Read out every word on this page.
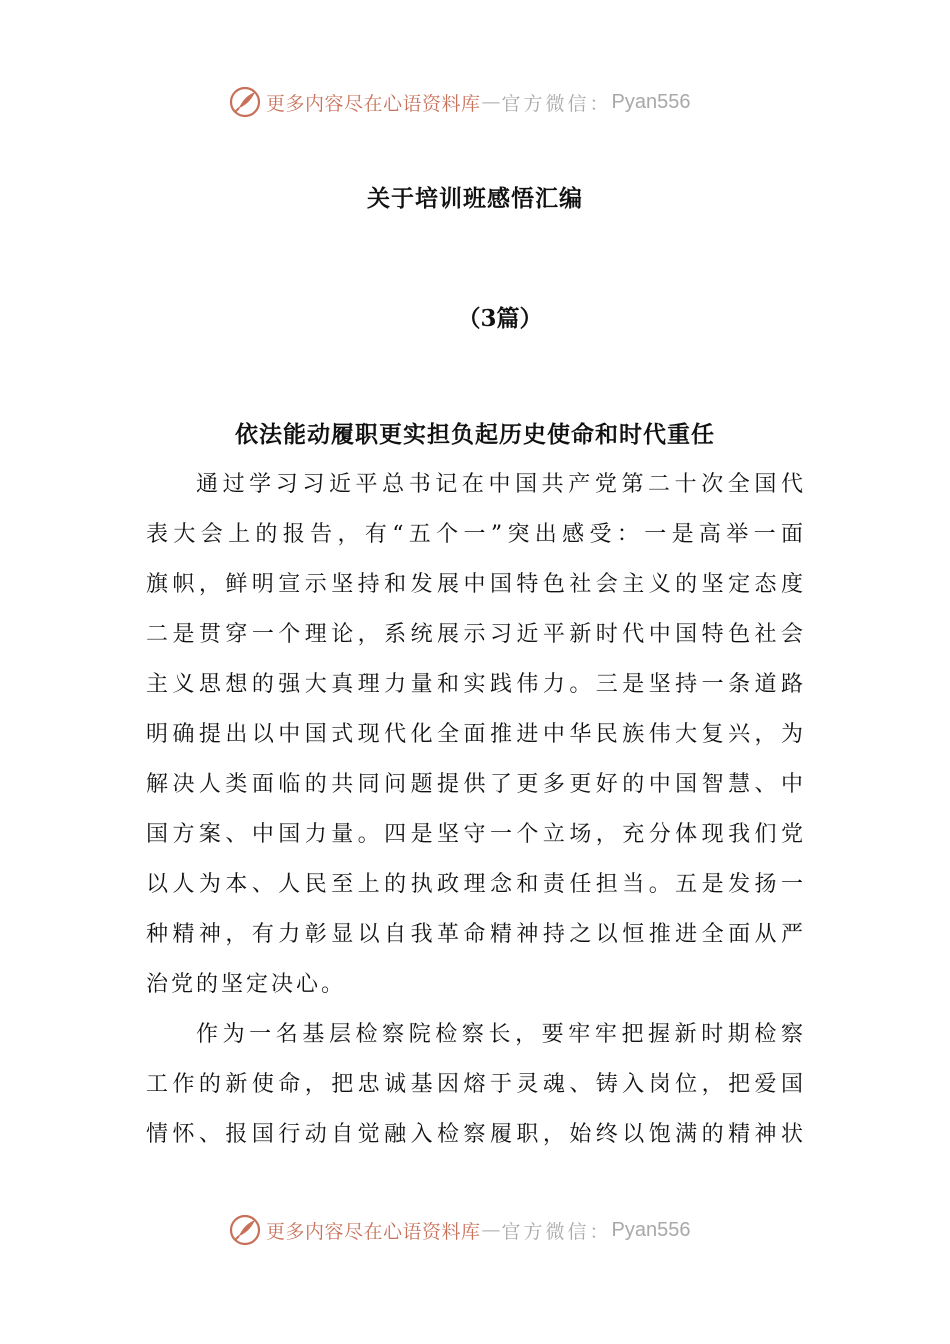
更多内容尽在心语资料库 — 官方微信： Pyan556
关于培训班感悟汇编
（3篇）
依法能动履职更实担负起历史使命和时代重任
通过学习习近平总书记在中国共产党第二十次全国代
表大会上的报告，有“五个一”突出感受：一是高举一面
旗帜，鲜明宣示坚持和发展中国特色社会主义的坚定态度
二是贯穿一个理论，系统展示习近平新时代中国特色社会
主义思想的强大真理力量和实践伟力。三是坚持一条道路
明确提出以中国式现代化全面推进中华民族伟大复兴，为
解决人类面临的共同问题提供了更多更好的中国智慧、中
国方案、中国力量。四是坚守一个立场，充分体现我们党
以人为本、人民至上的执政理念和责任担当。五是发扬一
种精神，有力彰显以自我革命精神持之以恒推进全面从严
治党的坚定决心。
作为一名基层检察院检察长，要牢牢把握新时期检察
工作的新使命，把忠诚基因熔于灵魂、铸入岗位，把爱国
情怀、报国行动自觉融入检察履职，始终以饱满的精神状
更多内容尽在心语资料库 — 官方微信： Pyan556
